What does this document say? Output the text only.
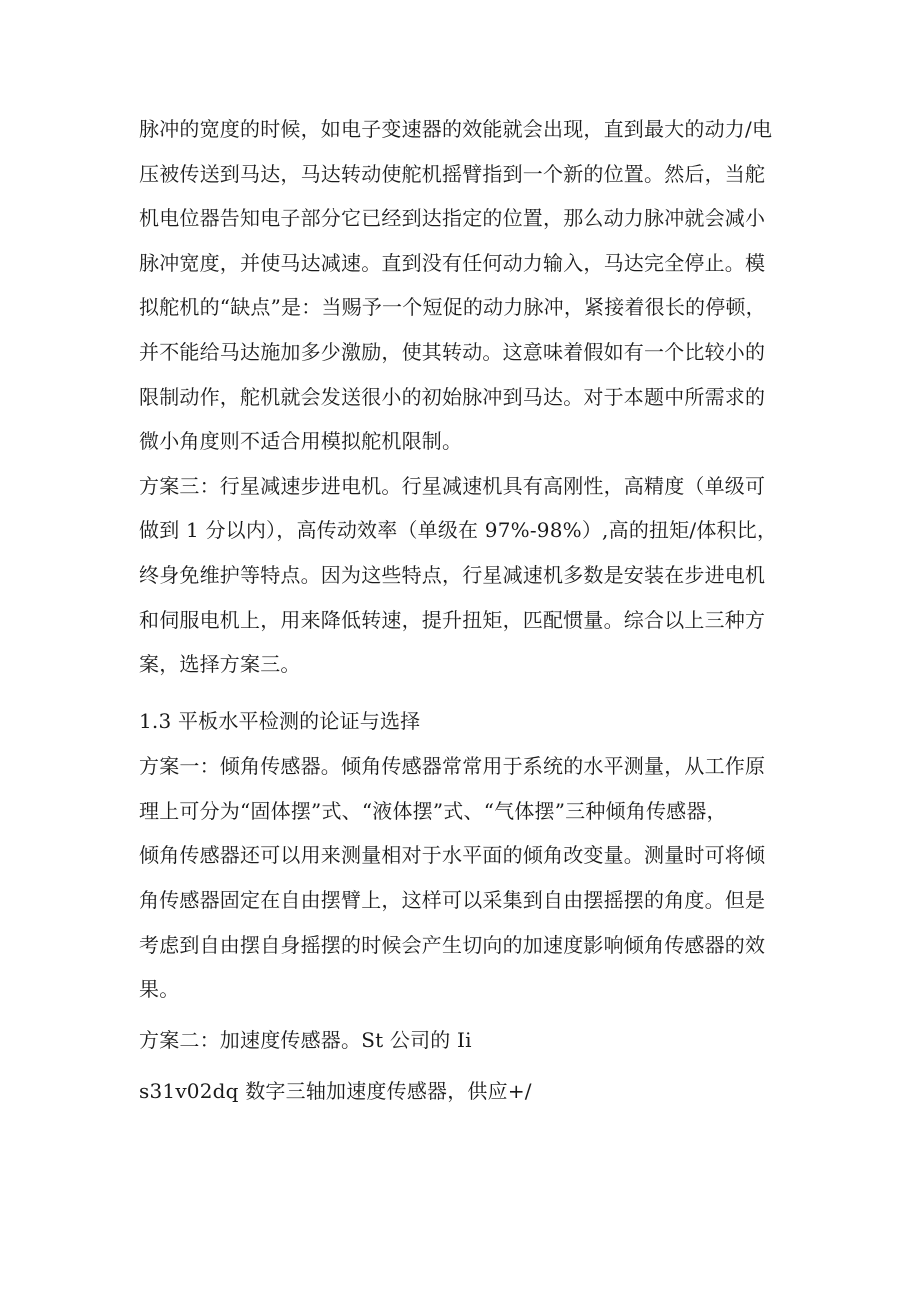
脉冲的宽度的时候，如电子变速器的效能就会出现，直到最大的动力/电
压被传送到马达，马达转动使舵机摇臂指到一个新的位置。然后，当舵
机电位器告知电子部分它已经到达指定的位置，那么动力脉冲就会减小
脉冲宽度，并使马达减速。直到没有任何动力输入，马达完全停止。模
拟舵机的“缺点”是：当赐予一个短促的动力脉冲，紧接着很长的停顿，
并不能给马达施加多少激励，使其转动。这意味着假如有一个比较小的
限制动作，舵机就会发送很小的初始脉冲到马达。对于本题中所需求的
微小角度则不适合用模拟舵机限制。
方案三：行星减速步进电机。行星减速机具有高刚性，高精度（单级可
做到 1 分以内），高传动效率（单级在 97%-98%）,高的扭矩/体积比，
终身免维护等特点。因为这些特点，行星减速机多数是安装在步进电机
和伺服电机上，用来降低转速，提升扭矩，匹配惯量。综合以上三种方
案，选择方案三。
1.3 平板水平检测的论证与选择
方案一：倾角传感器。倾角传感器常常用于系统的水平测量，从工作原
理上可分为“固体摆”式、“液体摆”式、“气体摆”三种倾角传感器，
倾角传感器还可以用来测量相对于水平面的倾角改变量。测量时可将倾
角传感器固定在自由摆臂上，这样可以采集到自由摆摇摆的角度。但是
考虑到自由摆自身摇摆的时候会产生切向的加速度影响倾角传感器的效
果。
方案二：加速度传感器。St 公司的 Ii
s31v02dq 数字三轴加速度传感器，供应+/
